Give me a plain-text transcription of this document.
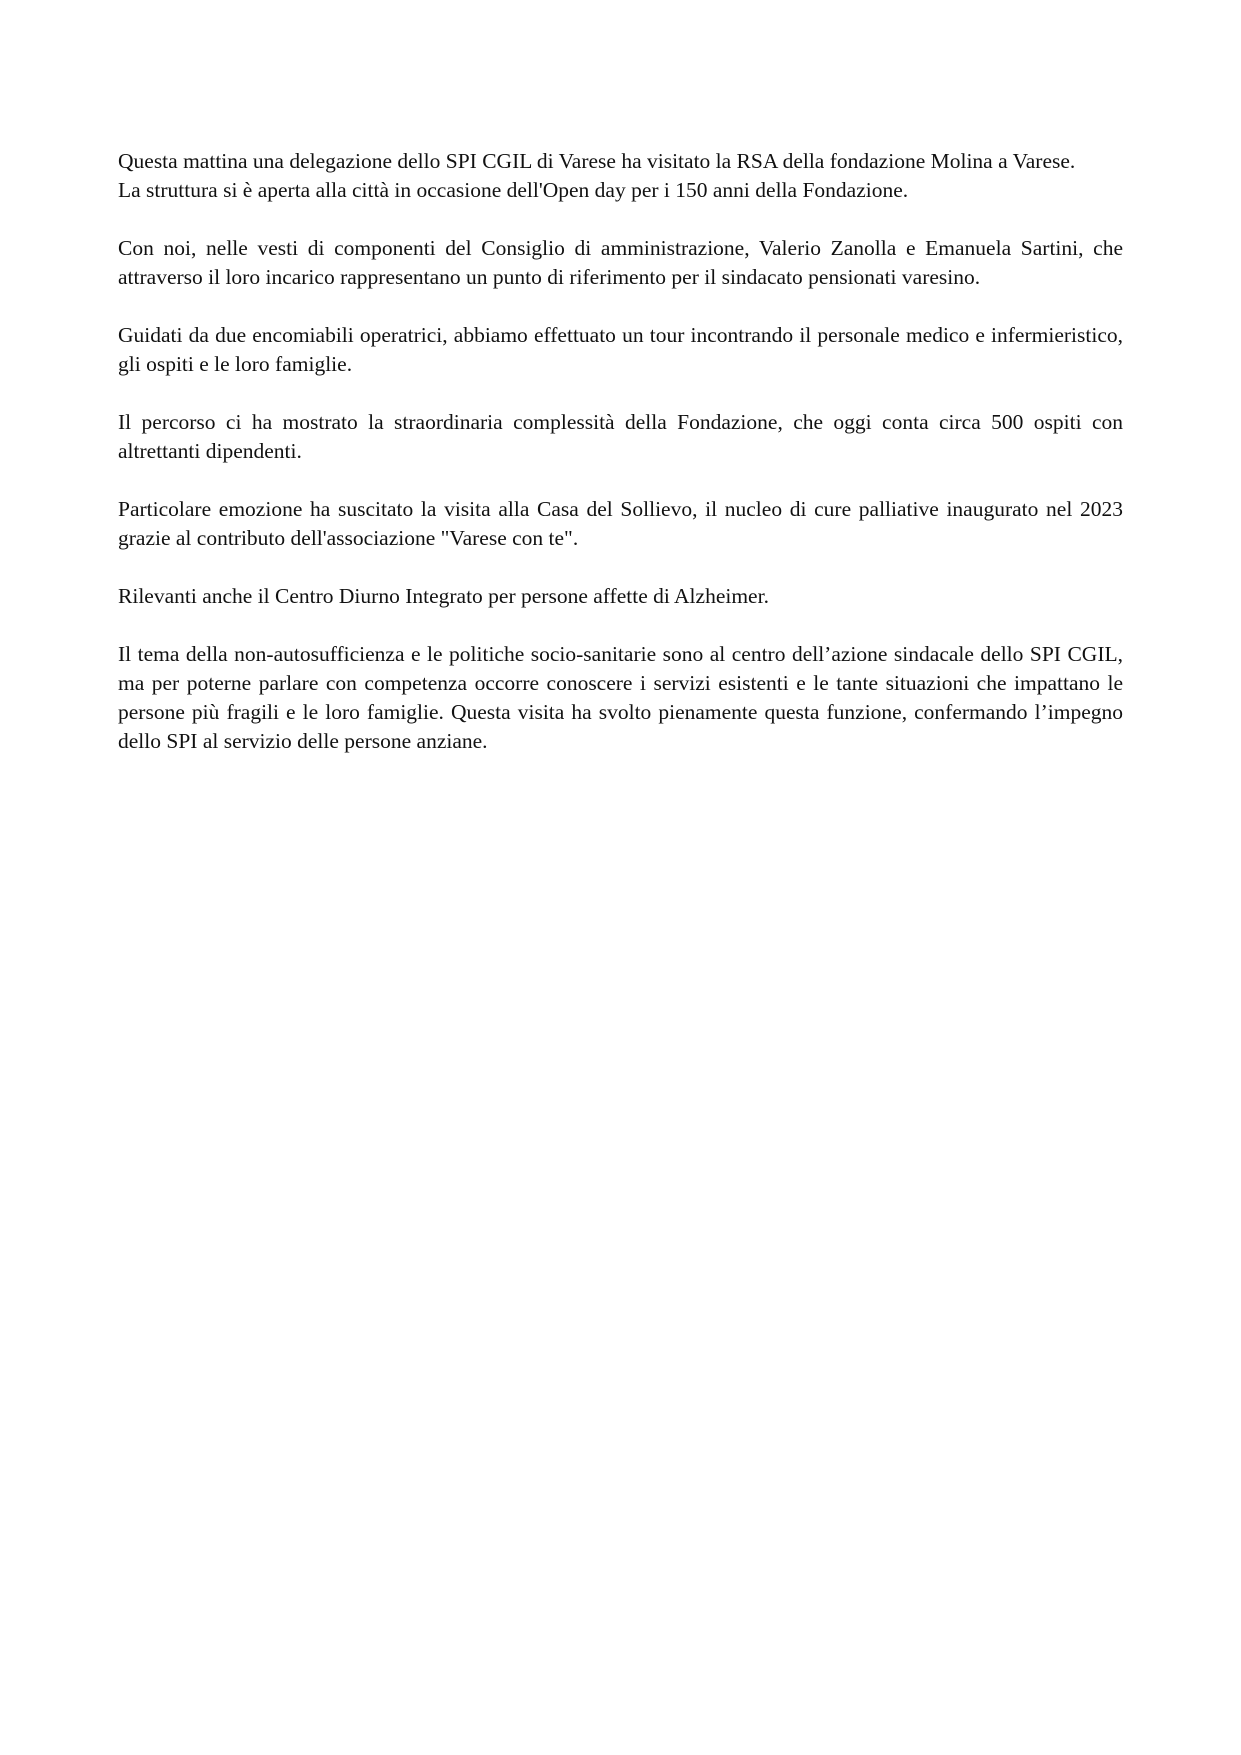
Questa mattina una delegazione dello SPI CGIL di Varese ha visitato la RSA della fondazione Molina a Varese.
La struttura si è aperta alla città in occasione dell'Open day per i 150 anni della Fondazione.

Con noi, nelle vesti di componenti del Consiglio di amministrazione, Valerio Zanolla e Emanuela Sartini, che attraverso il loro incarico rappresentano un punto di riferimento per il sindacato pensionati varesino.

Guidati da due encomiabili operatrici, abbiamo effettuato un tour incontrando il personale medico e infermieristico, gli ospiti e le loro famiglie.

Il percorso ci ha mostrato la straordinaria complessità della Fondazione, che oggi conta circa 500 ospiti con altrettanti dipendenti.

Particolare emozione ha suscitato la visita alla Casa del Sollievo, il nucleo di cure palliative inaugurato nel 2023 grazie al contributo dell'associazione "Varese con te".

Rilevanti anche il Centro Diurno Integrato per persone affette di Alzheimer.

Il tema della non-autosufficienza e le politiche socio-sanitarie sono al centro dell’azione sindacale dello SPI CGIL, ma per poterne parlare con competenza occorre conoscere i servizi esistenti e le tante situazioni che impattano le persone più fragili e le loro famiglie. Questa visita ha svolto pienamente questa funzione, confermando l’impegno dello SPI al servizio delle persone anziane.
